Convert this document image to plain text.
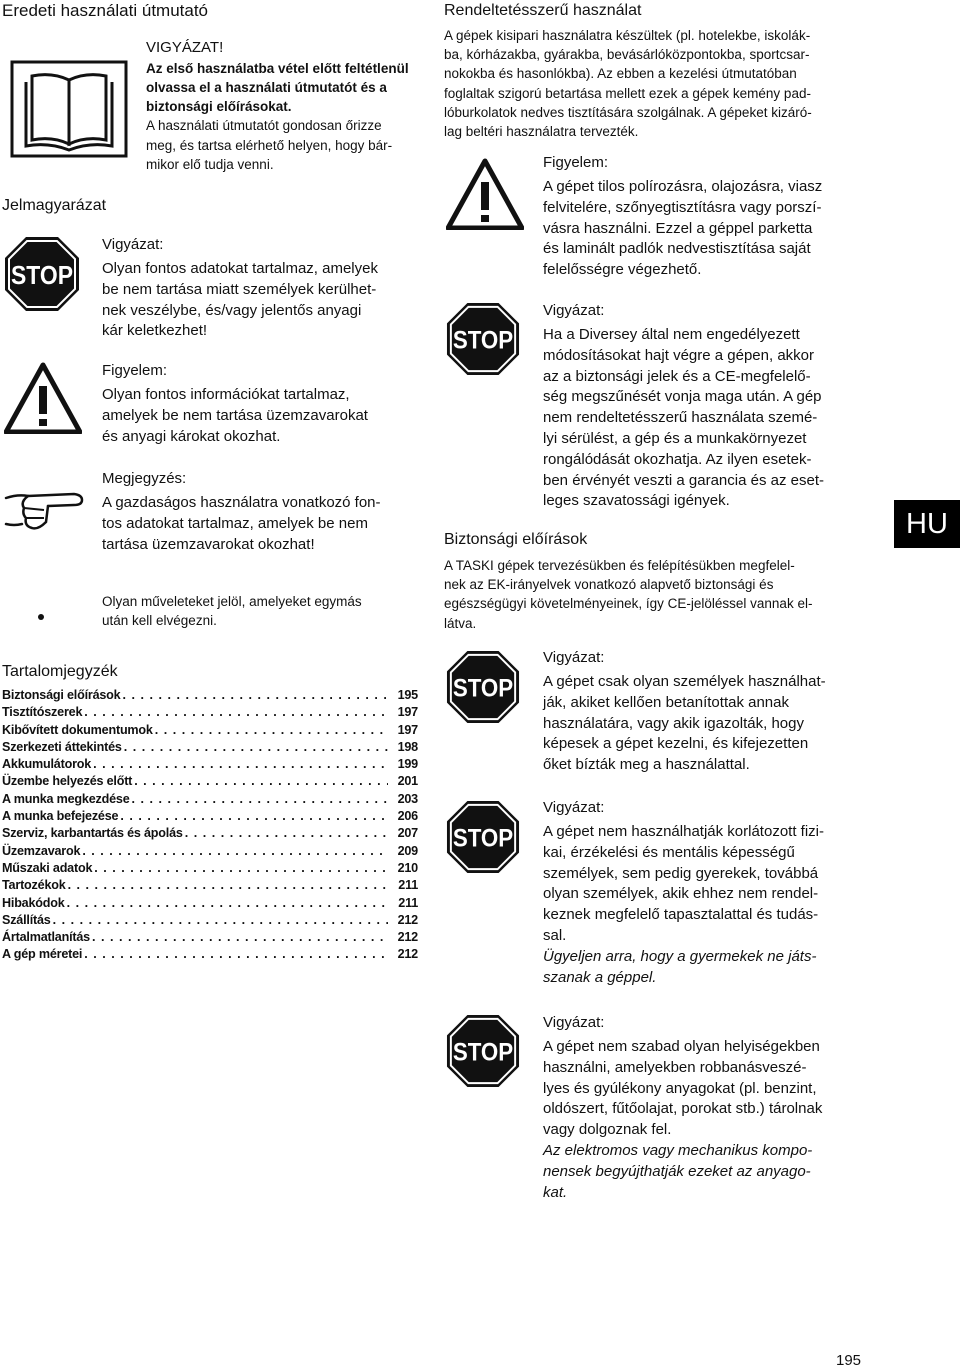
Eredeti használati útmutató

VIGYÁZAT!

Az első használatba vétel előtt feltétlenül

olvassa el a használati útmutatót és a

biztonsági előírásokat.

A használati útmutatót gondosan őrizze

meg, és tartsa elérhető helyen, hogy bár-

mikor elő tudja venni.

Jelmagyarázat
STOP

Vigyázat:

Olyan fontos adatokat tartalmaz, amelyek

be nem tartása miatt személyek kerülhet-

nek veszélybe, és/vagy jelentős anyagi

kár keletkezhet!

Figyelem:

Olyan fontos információkat tartalmaz,

amelyek be nem tartása üzemzavarokat

és anyagi károkat okozhat.

Megjegyzés:

A gazdaságos használatra vonatkozó fon-

tos adatokat tartalmaz, amelyek be nem

tartása üzemzavarokat okozhat!

Olyan műveleteket jelöl, amelyeket egymás

után kell elvégezni.

Tartalomjegyzék
Biztonsági előírások . . .	195
Tisztítószerek . . .	197
Kibővített dokumentumok . . .	197
Szerkezeti áttekintés . . .	198
Akkumulátorok . . .	199
Üzembe helyezés előtt . . .	201
A munka megkezdése . . .	203
A munka befejezése . . .	206
Szerviz, karbantartás és ápolás . . .	207
Üzemzavarok . . .	209
Műszaki adatok . . .	210
Tartozékok . . .	211
Hibakódok . . .	211
Szállítás . . .	212
Ártalmatlanítás . . .	212
A gép méretei . . .	212
Rendeltetésszerű használat

A gépek kisipari használatra készültek (pl. hotelekbe, iskolák-

ba, kórházakba, gyárakba, bevásárlóközpontokba, sportcsar-

nokokba és hasonlókba). Az ebben a kezelési útmutatóban

foglaltak szigorú betartása mellett ezek a gépek kemény pad-

lóburkolatok nedves tisztítására szolgálnak. A gépeket kizáró-

lag beltéri használatra tervezték.

Figyelem:

A gépet tilos polírozásra, olajozásra, viasz

felvitelére, szőnyegtisztításra vagy porszí-

vásra használni. Ezzel a géppel parketta

és laminált padlók nedvestisztítása saját

felelősségre végezhető.

STOP

Vigyázat:

Ha a Diversey által nem engedélyezett

módosításokat hajt végre a gépen, akkor

az a biztonsági jelek és a CE-megfelelő-

ség megszűnését vonja maga után. A gép

nem rendeltetésszerű használata szemé-

lyi sérülést, a gép és a munkakörnyezet

rongálódását okozhatja. Az ilyen esetek-

ben érvényét veszti a garancia és az eset-

leges szavatossági igények.

Biztonsági előírások

A TASKI gépek tervezésükben és felépítésükben megfelel-

nek az EK-irányelvek vonatkozó alapvető biztonsági és

egészségügyi követelményeinek, így CE-jelöléssel vannak el-

látva.

STOP

Vigyázat:

A gépet csak olyan személyek használhat-

ják, akiket kellően betanítottak annak

használatára, vagy akik igazolták, hogy

képesek a gépet kezelni, és kifejezetten

őket bízták meg a használattal.

STOP

Vigyázat:

A gépet nem használhatják korlátozott fizi-

kai, érzékelési és mentális képességű

személyek, sem pedig gyerekek, továbbá

olyan személyek, akik ehhez nem rendel-

keznek megfelelő tapasztalattal és tudás-

sal.

Ügyeljen arra, hogy a gyermekek ne játs-

szanak a géppel.

STOP

Vigyázat:

A gépet nem szabad olyan helyiségekben

használni, amelyekben robbanásveszé-

lyes és gyúlékony anyagokat (pl. benzint,

oldószert, fűtőolajat, porokat stb.) tárolnak

vagy dolgoznak fel.

Az elektromos vagy mechanikus kompo-

nensek begyújthatják ezeket az anyago-

kat.

HU
195
